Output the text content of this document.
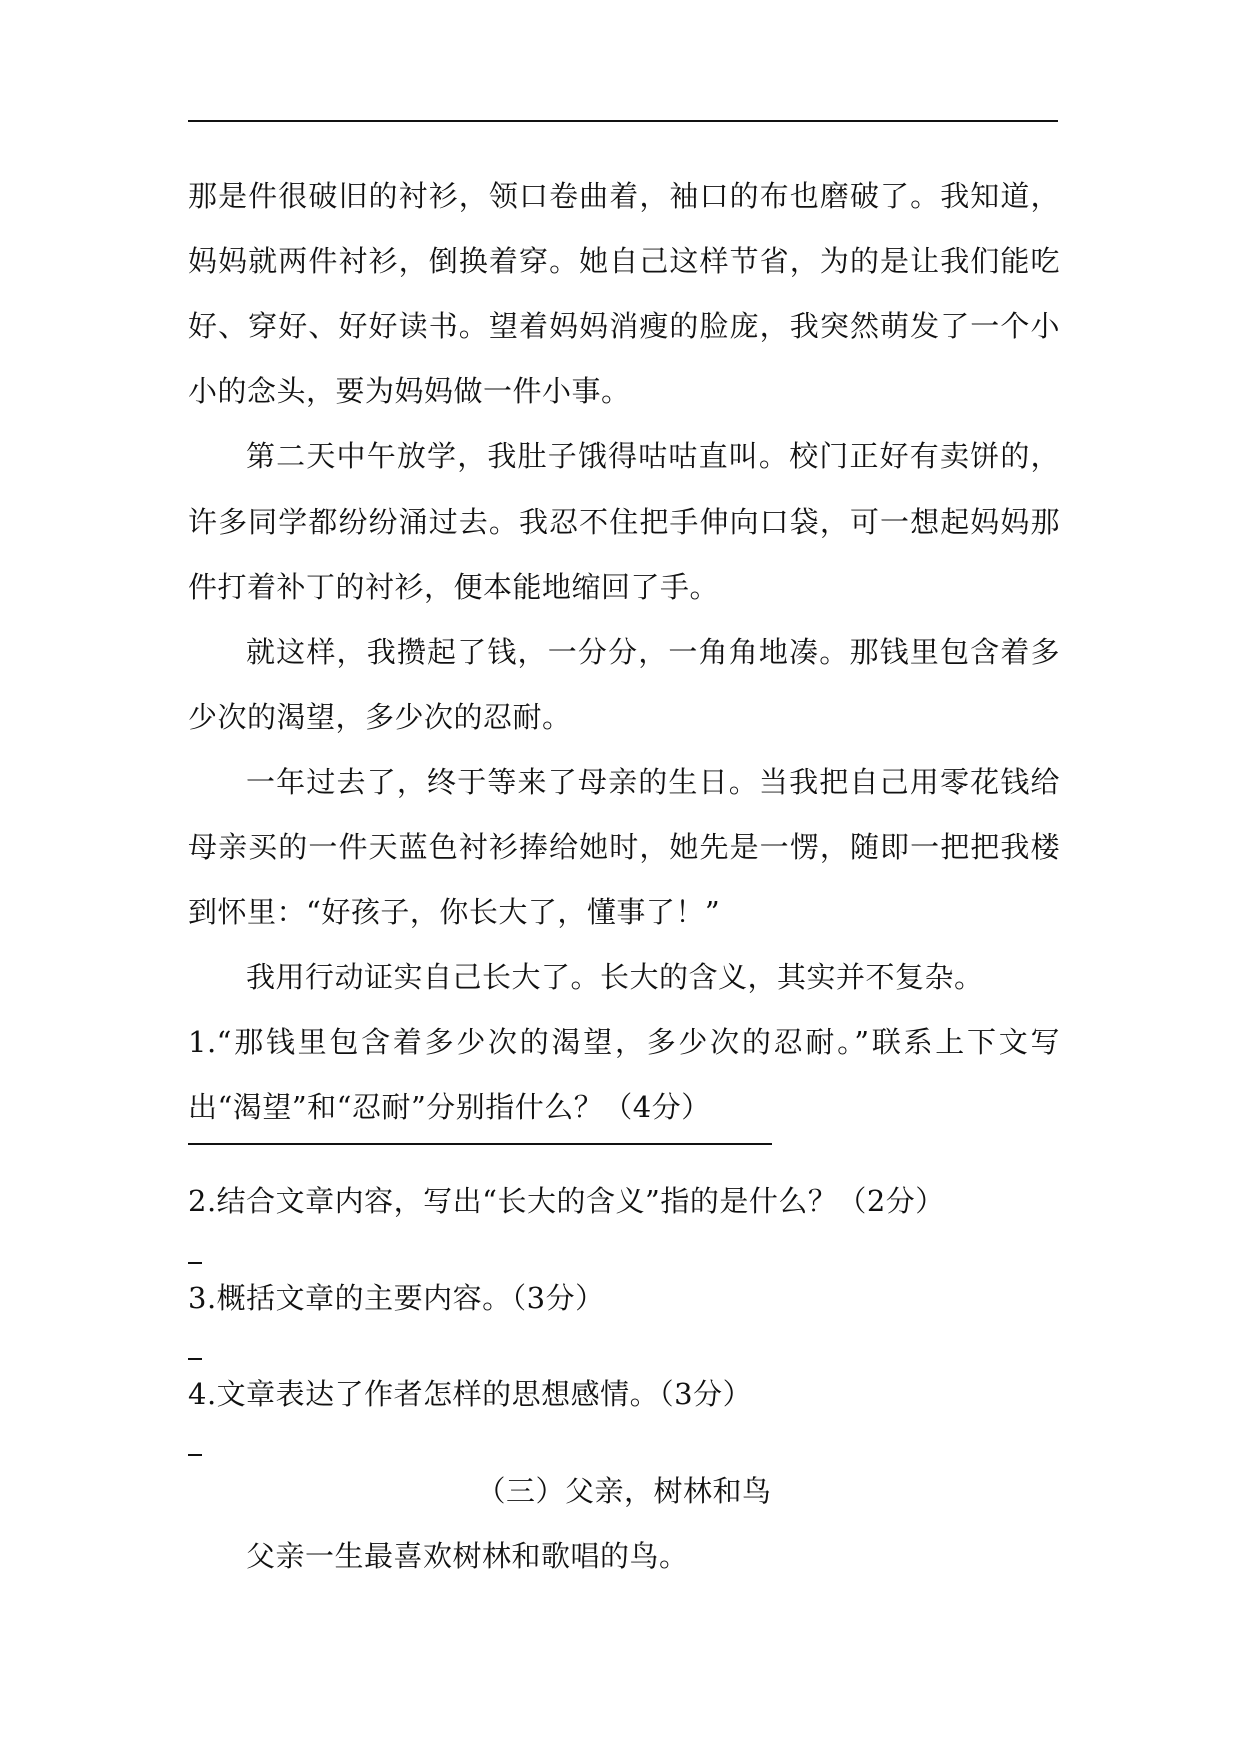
那是件很破旧的衬衫，领口卷曲着，袖口的布也磨破了。我知道，
妈妈就两件衬衫，倒换着穿。她自己这样节省，为的是让我们能吃
好、穿好、好好读书。望着妈妈消瘦的脸庞，我突然萌发了一个小
小的念头，要为妈妈做一件小事。
第二天中午放学，我肚子饿得咕咕直叫。校门正好有卖饼的，
许多同学都纷纷涌过去。我忍不住把手伸向口袋，可一想起妈妈那
件打着补丁的衬衫，便本能地缩回了手。
就这样，我攒起了钱，一分分，一角角地凑。那钱里包含着多
少次的渴望，多少次的忍耐。
一年过去了，终于等来了母亲的生日。当我把自己用零花钱给
母亲买的一件天蓝色衬衫捧给她时，她先是一愣，随即一把把我楼
到怀里：“好孩子，你长大了，懂事了！”
我用行动证实自己长大了。长大的含义，其实并不复杂。
1.“那钱里包含着多少次的渴望，多少次的忍耐。”联系上下文写
出“渴望”和“忍耐”分别指什么？（4分）
2.结合文章内容，写出“长大的含义”指的是什么？（2分）
3.概括文章的主要内容。（3分）
4.文章表达了作者怎样的思想感情。（3分）
（三）父亲，树林和鸟
父亲一生最喜欢树林和歌唱的鸟。
